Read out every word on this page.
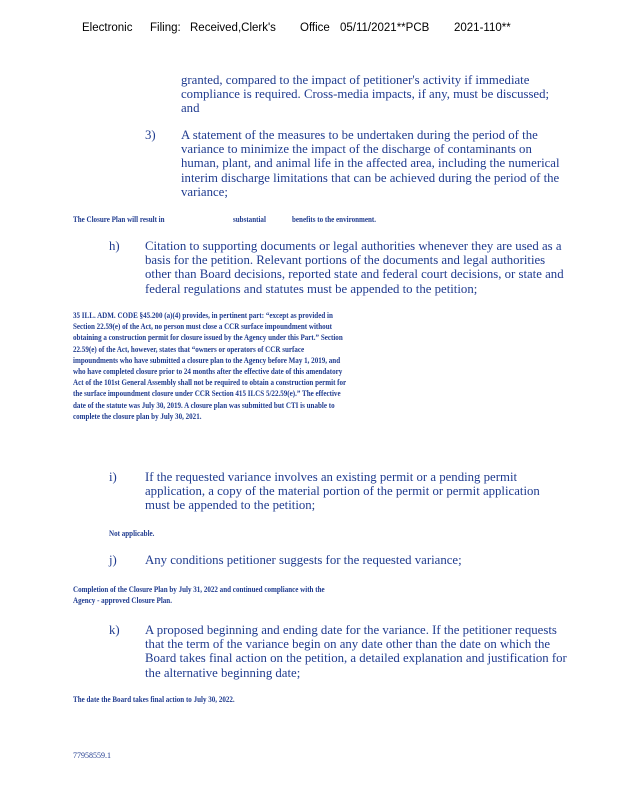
Electronic Filing: Received,Clerk's Office 05/11/2021**PCB 2021-110**
granted, compared to the impact of petitioner's activity if immediate
compliance is required. Cross-media impacts, if any, must be discussed;
and
3) A statement of the measures to be undertaken during the period of the
variance to minimize the impact of the discharge of contaminants on
human, plant, and animal life in the affected area, including the numerical
interim discharge limitations that can be achieved during the period of the
variance;
The Closure Plan will result in	substantial	benefits to the environment.
h) Citation to supporting documents or legal authorities whenever they are used as a
basis for the petition. Relevant portions of the documents and legal authorities
other than Board decisions, reported state and federal court decisions, or state and
federal regulations and statutes must be appended to the petition;
35 ILL. ADM. CODE §45.200 (a)(4) provides, in pertinent part: “except as provided in
Section 22.59(e) of the Act, no person must close a CCR surface impoundment without
obtaining a construction permit for closure issued by the Agency under this Part.” Section
22.59(e) of the Act, however, states that “owners or operators of CCR surface
impoundments who have submitted a closure plan to the Agency before May 1, 2019, and
who have completed closure prior to 24 months after the effective date of this amendatory
Act of the 101st General Assembly shall not be required to obtain a construction permit for
the surface impoundment closure under CCR Section 415 ILCS 5/22.59(e).” The effective
date of the statute was July 30, 2019. A closure plan was submitted but CTI is unable to
complete the closure plan by July 30, 2021.
i) If the requested variance involves an existing permit or a pending permit
application, a copy of the material portion of the permit or permit application
must be appended to the petition;
Not applicable.
j) Any conditions petitioner suggests for the requested variance;
Completion of the Closure Plan by July 31, 2022 and continued compliance with the
Agency - approved Closure Plan.
k) A proposed beginning and ending date for the variance. If the petitioner requests
that the term of the variance begin on any date other than the date on which the
Board takes final action on the petition, a detailed explanation and justification for
the alternative beginning date;
The date the Board takes final action to July 30, 2022.
77958559.1
